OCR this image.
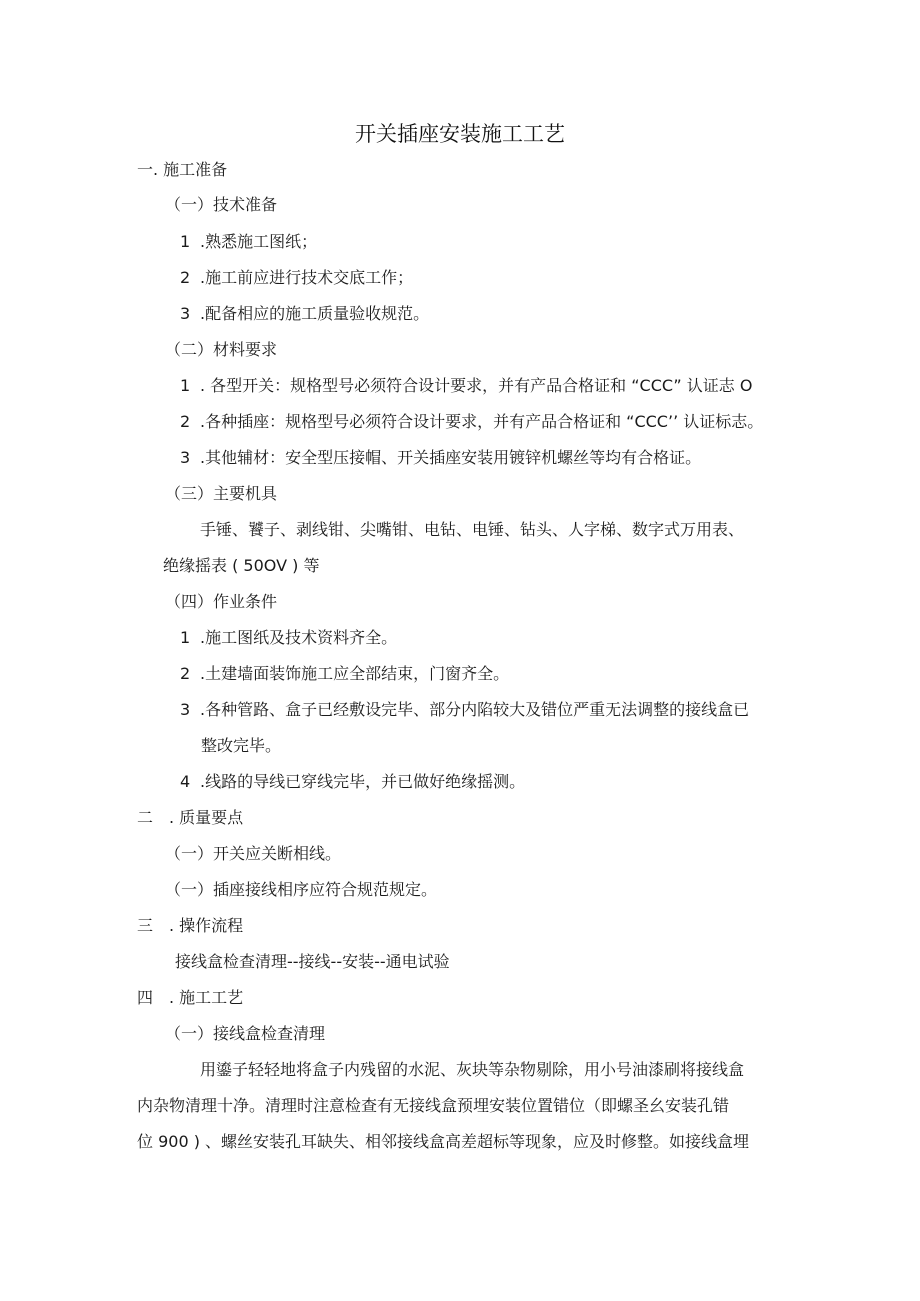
开关插座安装施工工艺
一. 施工准备
（一）技术准备
1 .熟悉施工图纸；
2 .施工前应进行技术交底工作；
3 .配备相应的施工质量验收规范。
（二）材料要求
1 . 各型开关：规格型号必须符合设计要求，并有产品合格证和 “CCC” 认证志 O
2 .各种插座：规格型号必须符合设计要求，并有产品合格证和 “CCC’’ 认证标志。
3 .其他辅材：安全型压接帽、开关插座安装用镀锌机螺丝等均有合格证。
（三）主要机具
手锤、饕子、剥线钳、尖嘴钳、电钻、电锤、钻头、人字梯、数字式万用表、
绝缘摇表 ( 50OV ) 等
（四）作业条件
1 .施工图纸及技术资料齐全。
2 .土建墙面装饰施工应全部结束，门窗齐全。
3 .各种管路、盒子已经敷设完毕、部分内陷较大及错位严重无法调整的接线盒已
整改完毕。
4 .线路的导线已穿线完毕，并已做好绝缘摇测。
二　. 质量要点
（一）开关应关断相线。
（一）插座接线相序应符合规范规定。
三　. 操作流程
接线盒检查清理--接线--安装--通电试验
四　. 施工工艺
（一）接线盒检查清理
用鎏子轻轻地将盒子内残留的水泥、灰块等杂物剔除，用小号油漆刷将接线盒
内杂物清理十净。清理时注意检查有无接线盒预埋安装位置错位（即螺圣幺安装孔错
位 900 ) 、螺丝安装孔耳缺失、相邻接线盒高差超标等现象，应及时修整。如接线盒埋
